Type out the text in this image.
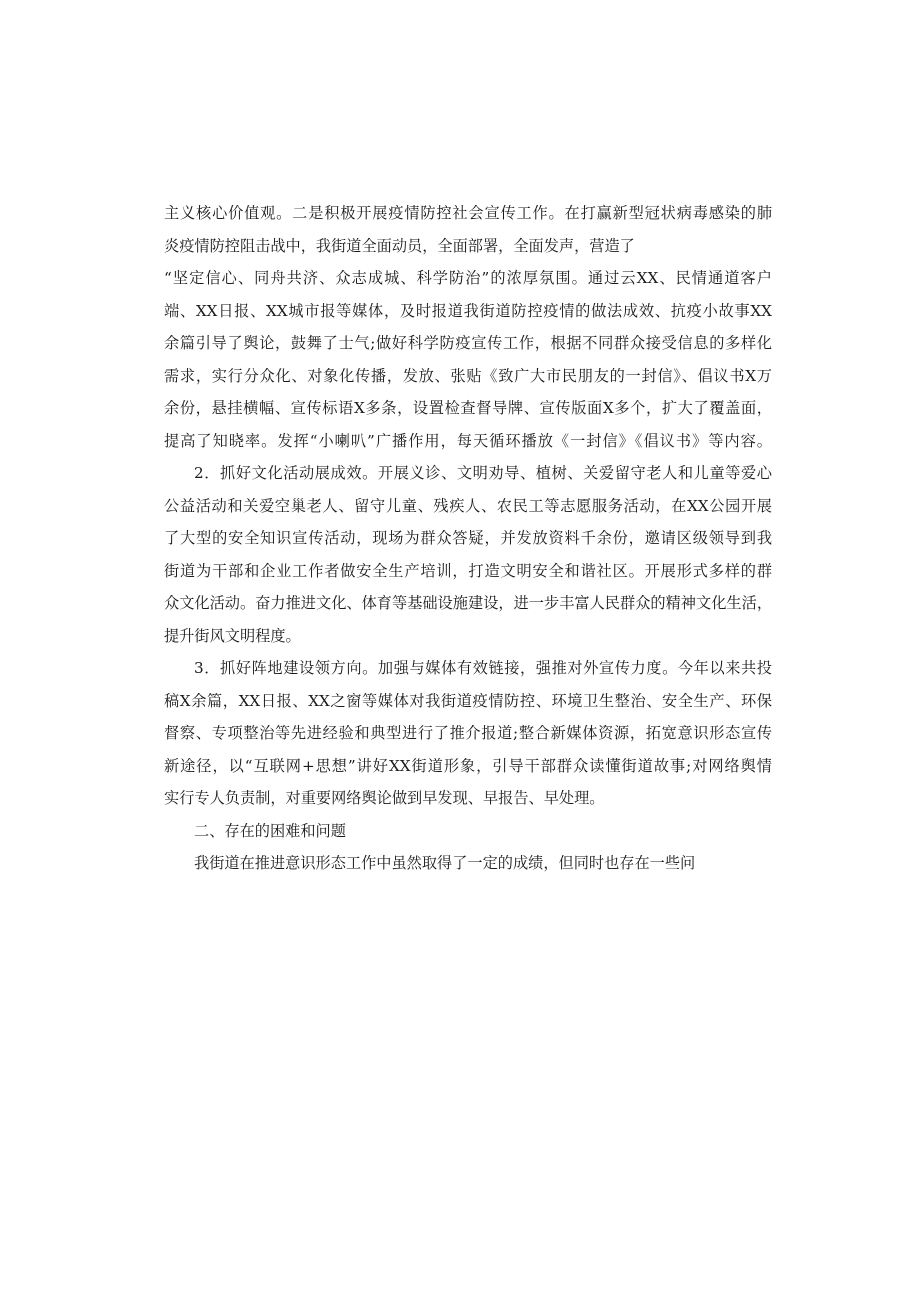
主义核心价值观。二是积极开展疫情防控社会宣传工作。在打赢新型冠状病毒感染的肺
炎疫情防控阻击战中，我街道全面动员，全面部署，全面发声，营造了
“坚定信心、同舟共济、众志成城、科学防治”的浓厚氛围。通过云XX、民情通道客户
端、XX日报、XX城市报等媒体，及时报道我街道防控疫情的做法成效、抗疫小故事XX
余篇引导了舆论，鼓舞了士气;做好科学防疫宣传工作，根据不同群众接受信息的多样化
需求，实行分众化、对象化传播，发放、张贴《致广大市民朋友的一封信》、倡议书X万
余份，悬挂横幅、宣传标语X多条，设置检查督导牌、宣传版面X多个，扩大了覆盖面，
提高了知晓率。发挥“小喇叭”广播作用，每天循环播放《一封信》《倡议书》等内容。
2．抓好文化活动展成效。开展义诊、文明劝导、植树、关爱留守老人和儿童等爱心
公益活动和关爱空巢老人、留守儿童、残疾人、农民工等志愿服务活动，在XX公园开展
了大型的安全知识宣传活动，现场为群众答疑，并发放资料千余份，邀请区级领导到我
街道为干部和企业工作者做安全生产培训，打造文明安全和谐社区。开展形式多样的群
众文化活动。奋力推进文化、体育等基础设施建设，进一步丰富人民群众的精神文化生活，
提升街风文明程度。
3．抓好阵地建设领方向。加强与媒体有效链接，强推对外宣传力度。今年以来共投
稿X余篇，XX日报、XX之窗等媒体对我街道疫情防控、环境卫生整治、安全生产、环保
督察、专项整治等先进经验和典型进行了推介报道;整合新媒体资源，拓宽意识形态宣传
新途径，以“互联网+思想”讲好XX街道形象，引导干部群众读懂街道故事;对网络舆情
实行专人负责制，对重要网络舆论做到早发现、早报告、早处理。
二、存在的困难和问题
我街道在推进意识形态工作中虽然取得了一定的成绩，但同时也存在一些问
